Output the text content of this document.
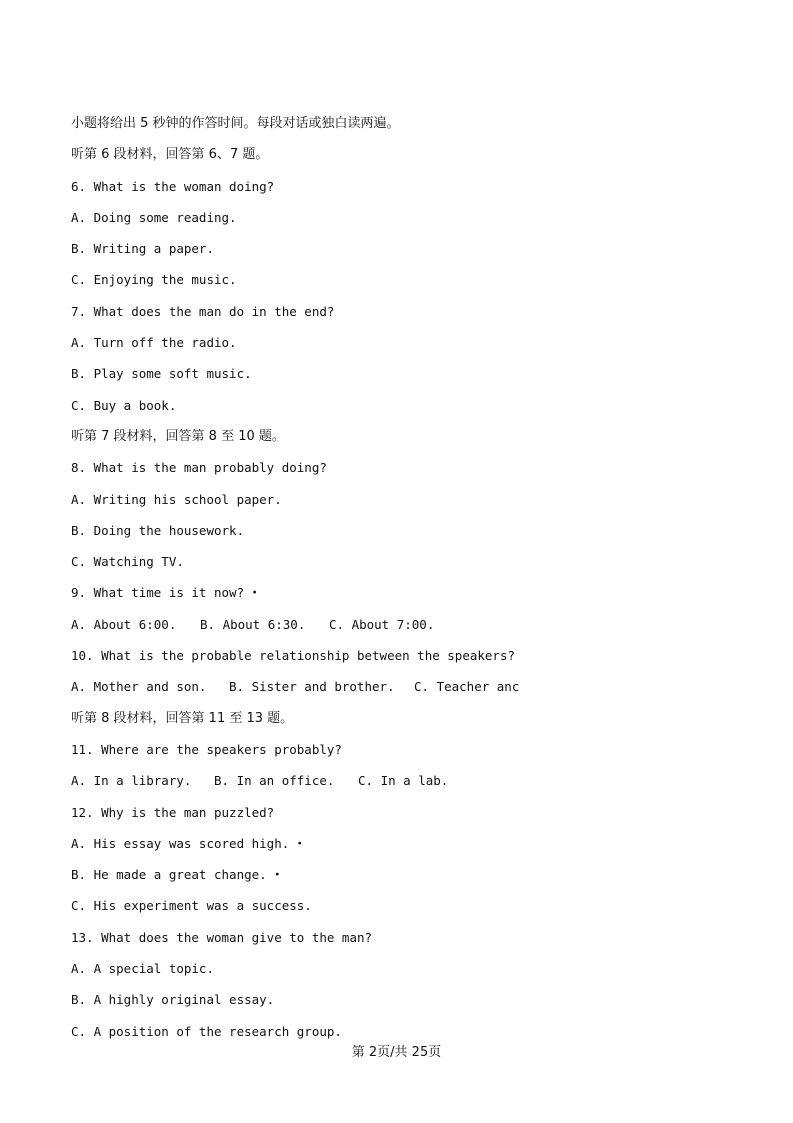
小题将给出 5 秒钟的作答时间。每段对话或独白读两遍。
听第 6 段材料，回答第 6、7 题。
6. What is the woman doing?
A. Doing some reading.
B. Writing a paper.
C. Enjoying the music.
7. What does the man do in the end?
A. Turn off the radio.
B. Play some soft music.
C. Buy a book.
听第 7 段材料，回答第 8 至 10 题。
8. What is the man probably doing?
A. Writing his school paper.
B. Doing the housework.
C. Watching TV.
9. What time is it now? •
A. About 6:00. B. About 6:30. C. About 7:00.
10. What is the probable relationship between the speakers?
A. Mother and son. B. Sister and brother. C. Teacher anc
听第 8 段材料，回答第 11 至 13 题。
11. Where are the speakers probably?
A. In a library. B. In an office. C. In a lab.
12. Why is the man puzzled?
A. His essay was scored high. •
B. He made a great change. •
C. His experiment was a success.
13. What does the woman give to the man?
A. A special topic.
B. A highly original essay.
C. A position of the research group.
第 2页/共 25页
